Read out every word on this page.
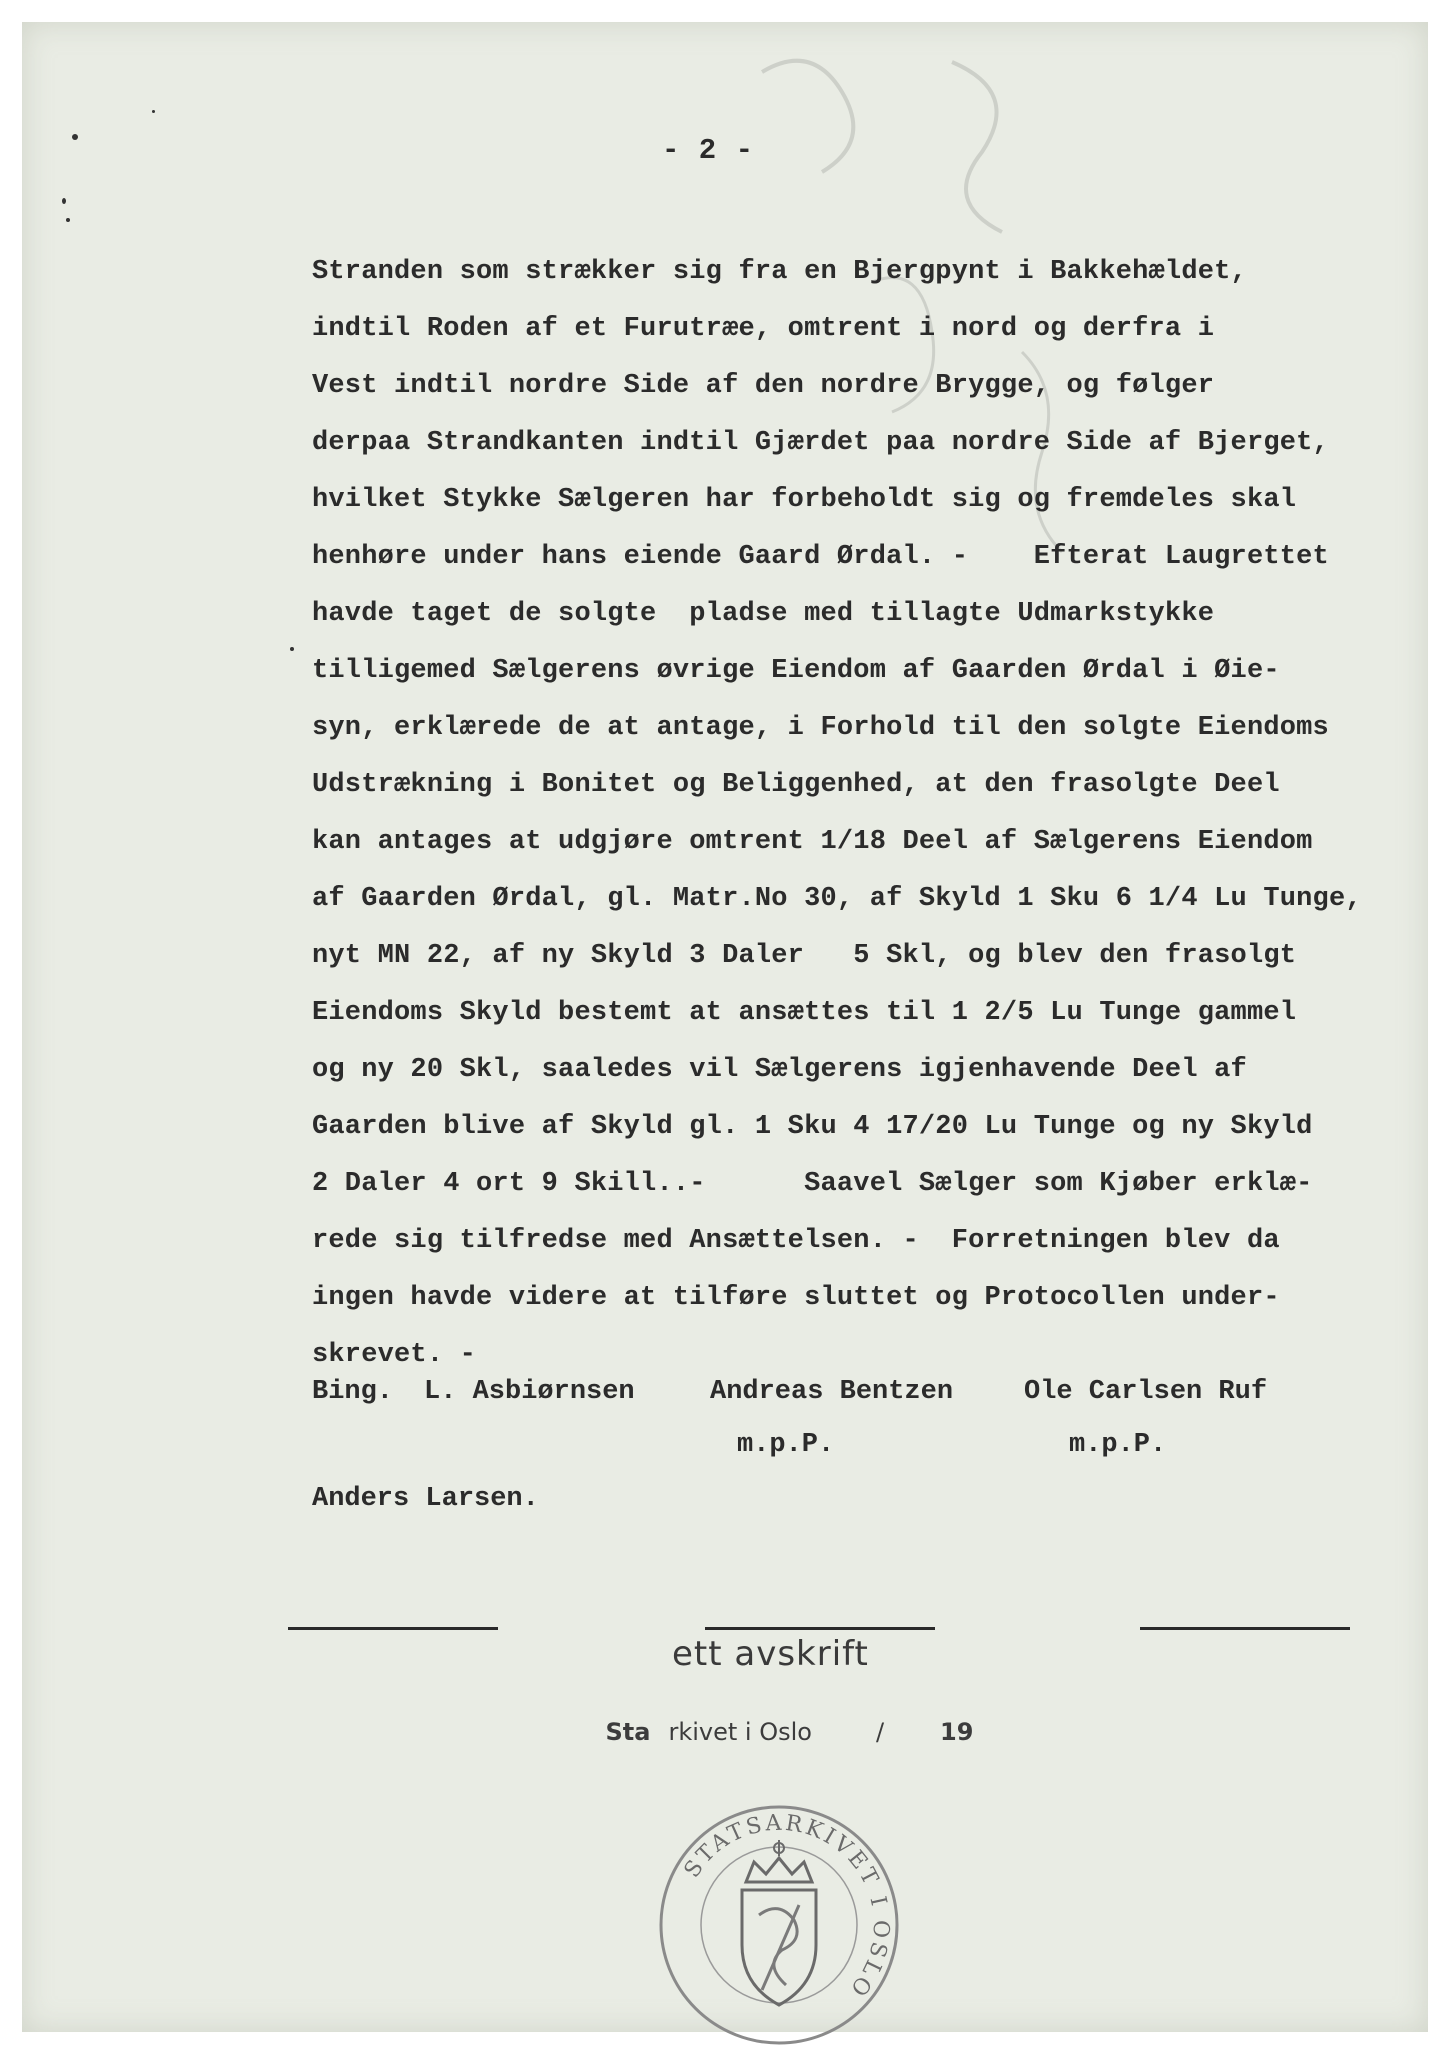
- 2 -
Stranden som strækker sig fra en Bjergpynt i Bakkehældet,
indtil Roden af et Furutræe, omtrent i nord og derfra i
Vest indtil nordre Side af den nordre Brygge, og følger
derpaa Strandkanten indtil Gjærdet paa nordre Side af Bjerget,
hvilket Stykke Sælgeren har forbeholdt sig og fremdeles skal
henhøre under hans eiende Gaard Ørdal. -    Efterat Laugrettet
havde taget de solgte  pladse med tillagte Udmarkstykke
tilligemed Sælgerens øvrige Eiendom af Gaarden Ørdal i Øie-
syn, erklærede de at antage, i Forhold til den solgte Eiendoms
Udstrækning i Bonitet og Beliggenhed, at den frasolgte Deel
kan antages at udgjøre omtrent 1/18 Deel af Sælgerens Eiendom
af Gaarden Ørdal, gl. Matr.No 30, af Skyld 1 Sku 6 1/4 Lu Tunge,
nyt MN 22, af ny Skyld 3 Daler   5 Skl, og blev den frasolgt
Eiendoms Skyld bestemt at ansættes til 1 2/5 Lu Tunge gammel
og ny 20 Skl, saaledes vil Sælgerens igjenhavende Deel af
Gaarden blive af Skyld gl. 1 Sku 4 17/20 Lu Tunge og ny Skyld
2 Daler 4 ort 9 Skill..-      Saavel Sælger som Kjøber erklæ-
rede sig tilfredse med Ansættelsen. -  Forretningen blev da
ingen havde videre at tilføre sluttet og Protocollen under-
skrevet. -
Bing. L. Asbiørnsen	Andreas Bentzen	Ole Carlsen Ruf
m.p.P.	m.p.P.
Anders Larsen.
ett avskrift

Sta rkivet i Oslo	/ 19

STATSARKIVET I OSLO
